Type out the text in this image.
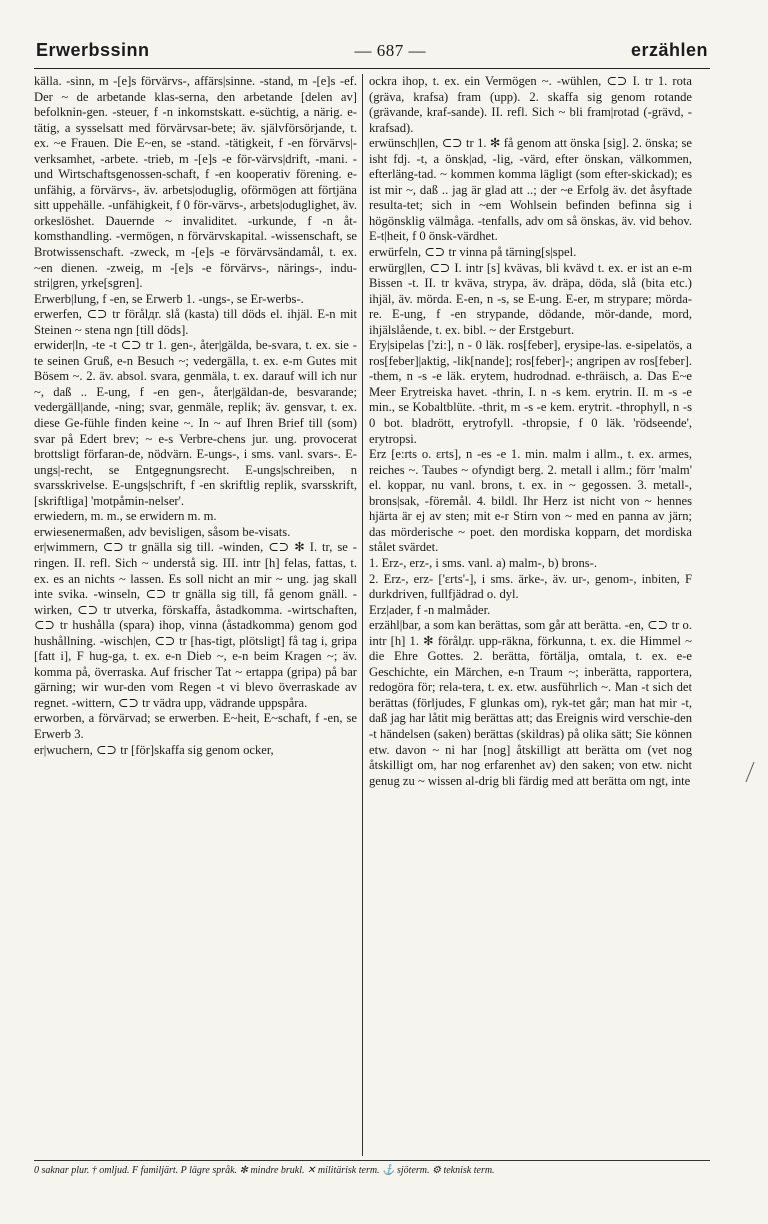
Erwerbssinn	— 687 —	erzählen

källa. -sinn, m -[e]s förvärvs-, affärs|sinne. -stand, m -[e]s -ef. Der ~ de arbetande klas-serna, den arbetande [delen av] befolknin-gen. -steuer, f -n inkomstskatt. e-süchtig, a närig. e-tätig, a sysselsatt med förvärvsar-bete; äv. självförsörjande, t. ex. ~e Frauen. Die E~en, se -stand. -tätigkeit, f -en förvärvs|-verksamhet, -arbete. -trieb, m -[e]s -e för-värvs|drift, -mani. - und Wirtschaftsgenossen-schaft, f -en kooperativ förening. e-unfähig, a förvärvs-, äv. arbets|oduglig, oförmögen att förtjäna sitt uppehälle. -unfähigkeit, f 0 för-värvs-, arbets|oduglighet, äv. orkeslöshet. Dauernde ~ invaliditet. -urkunde, f -n åt-komsthandling. -vermögen, n förvärvskapital. -wissenschaft, se Brotwissenschaft. -zweck, m -[e]s -e förvärvsändamål, t. ex. ~en dienen. -zweig, m -[e]s -e förvärvs-, närings-, indu-stri|gren, yrke[sgren].

Erwerb|lung, f -en, se Erwerb 1. -ungs-, se Er-werbs-.

erwerfen, ⊂⊃ tr förålдr. slå (kasta) till döds el. ihjäl. E-n mit Steinen ~ stena ngn [till döds].

erwider|ln, -te -t ⊂⊃ tr 1. gen-, åter|gälda, be-svara, t. ex. sie -te seinen Gruß, e-n Besuch ~; vedergälla, t. ex. e-m Gutes mit Bösem ~. 2. äv. absol. svara, genmäla, t. ex. darauf will ich nur ~, daß .. E-ung, f -en gen-, åter|gäldan-de, besvarande; vedergäll|ande, -ning; svar, genmäle, replik; äv. gensvar, t. ex. diese Ge-fühle finden keine ~. In ~ auf Ihren Brief till (som) svar på Edert brev; ~ e-s Verbre-chens jur. ung. provocerat brottsligt förfaran-de, nödvärn. E-ungs-, i sms. vanl. svars-. E-ungs|-recht, se Entgegnungsrecht. E-ungs|schreiben, n svarsskrivelse. E-ungs|schrift, f -en skriftlig replik, svarsskrift, [skriftliga] 'motpåmin-nelser'.

erwiedern, m. m., se erwidern m. m.

erwiesenermaßen, adv bevisligen, såsom be-visats.

er|wimmern, ⊂⊃ tr gnälla sig till. -winden, ⊂⊃ ✻ I. tr, se -ringen. II. refl. Sich ~ understå sig. III. intr [h] felas, fattas, t. ex. es an nichts ~ lassen. Es soll nicht an mir ~ ung. jag skall inte svika. -winseln, ⊂⊃ tr gnälla sig till, få genom gnäll. -wirken, ⊂⊃ tr utverka, förskaffa, åstadkomma. -wirtschaften, ⊂⊃ tr hushålla (spara) ihop, vinna (åstadkomma) genom god hushållning. -wisch|en, ⊂⊃ tr [has-tigt, plötsligt] få tag i, gripa [fatt i], F hug-ga, t. ex. e-n Dieb ~, e-n beim Kragen ~; äv. komma på, överraska. Auf frischer Tat ~ ertappa (gripa) på bar gärning; wir wur-den vom Regen -t vi blevo överraskade av regnet. -wittern, ⊂⊃ tr vädra upp, vädrande uppspåra.

erworben, a förvärvad; se erwerben. E~heit, E~schaft, f -en, se Erwerb 3.

er|wuchern, ⊂⊃ tr [för]skaffa sig genom ocker,

ockra ihop, t. ex. ein Vermögen ~. -wühlen, ⊂⊃ I. tr 1. rota (gräva, krafsa) fram (upp). 2. skaffa sig genom rotande (grävande, kraf-sande). II. refl. Sich ~ bli fram|rotad (-grävd, -krafsad).

erwünsch|len, ⊂⊃ tr 1. ✻ få genom att önska [sig]. 2. önska; se isht fdj. -t, a önsk|ad, -lig, -värd, efter önskan, välkommen, efterläng-tad. ~ kommen komma lägligt (som efter-skickad); es ist mir ~, daß .. jag är glad att ..; der ~e Erfolg äv. det åsyftade resulta-tet; sich in ~em Wohlsein befinden befinna sig i högönsklig välmåga. -tenfalls, adv om så önskas, äv. vid behov. E-t|heit, f 0 önsk-värdhet.

erwürfeln, ⊂⊃ tr vinna på tärning[s|spel.

erwürg|len, ⊂⊃ I. intr [s] kvävas, bli kvävd t. ex. er ist an e-m Bissen -t. II. tr kväva, strypa, äv. dräpa, döda, slå (bita etc.) ihjäl, äv. mörda. E-en, n -s, se E-ung. E-er, m strypare; mörda-re. E-ung, f -en strypande, dödande, mör-dande, mord, ihjälslående, t. ex. bibl. ~ der Erstgeburt.

Ery|sipelas ['zi:], n - 0 läk. ros[feber], erysipe-las. e-sipelatös, a ros[feber]|aktig, -lik[nande]; ros[feber]-; angripen av ros[feber]. -them, n -s -e läk. erytem, hudrodnad. e-thräisch, a. Das E~e Meer Erytreiska havet. -thrin, I. n -s kem. erytrin. II. m -s -e min., se Kobaltblüte. -thrit, m -s -e kem. erytrit. -throphyll, n -s 0 bot. bladrött, erytrofyll. -thropsie, f 0 läk. 'rödseende', erytropsi.

Erz [e:rts o. ɛrts], n -es -e 1. min. malm i allm., t. ex. armes, reiches ~. Taubes ~ ofyndigt berg. 2. metall i allm.; förr 'malm' el. koppar, nu vanl. brons, t. ex. in ~ gegossen. 3. metall-, brons|sak, -föremål. 4. bildl. Ihr Herz ist nicht von ~ hennes hjärta är ej av sten; mit e-r Stirn von ~ med en panna av järn; das mörderische ~ poet. den mordiska kopparn, det mordiska stålet svärdet.

1. Erz-, erz-, i sms. vanl. a) malm-, b) brons-.

2. Erz-, erz- ['ɛrts'-], i sms. ärke-, äv. ur-, genom-, inbiten, F durkdriven, fullfjädrad o. dyl.

Erz|ader, f -n malmåder.

erzähl|bar, a som kan berättas, som går att berätta. -en, ⊂⊃ tr o. intr [h] 1. ✻ förålдr. upp-räkna, förkunna, t. ex. die Himmel ~ die Ehre Gottes. 2. berätta, förtälja, omtala, t. ex. e-e Geschichte, ein Märchen, e-n Traum ~; inberätta, rapportera, redogöra för; rela-tera, t. ex. etw. ausführlich ~. Man -t sich det berättas (förljudes, F glunkas om), ryk-tet går; man hat mir -t, daß jag har låtit mig berättas att; das Ereignis wird verschie-den -t händelsen (saken) berättas (skildras) på olika sätt; Sie können etw. davon ~ ni har [nog] åtskilligt att berätta om (vet nog åtskilligt om, har nog erfarenhet av) den saken; von etw. nicht genug zu ~ wissen al-drig bli färdig med att berätta om ngt, inte

0 saknar plur. † omljud. F familjärt. P lägre språk. ✻ mindre brukl. ✕ militärisk term. ⚓ sjöterm. ⚙ teknisk term.
